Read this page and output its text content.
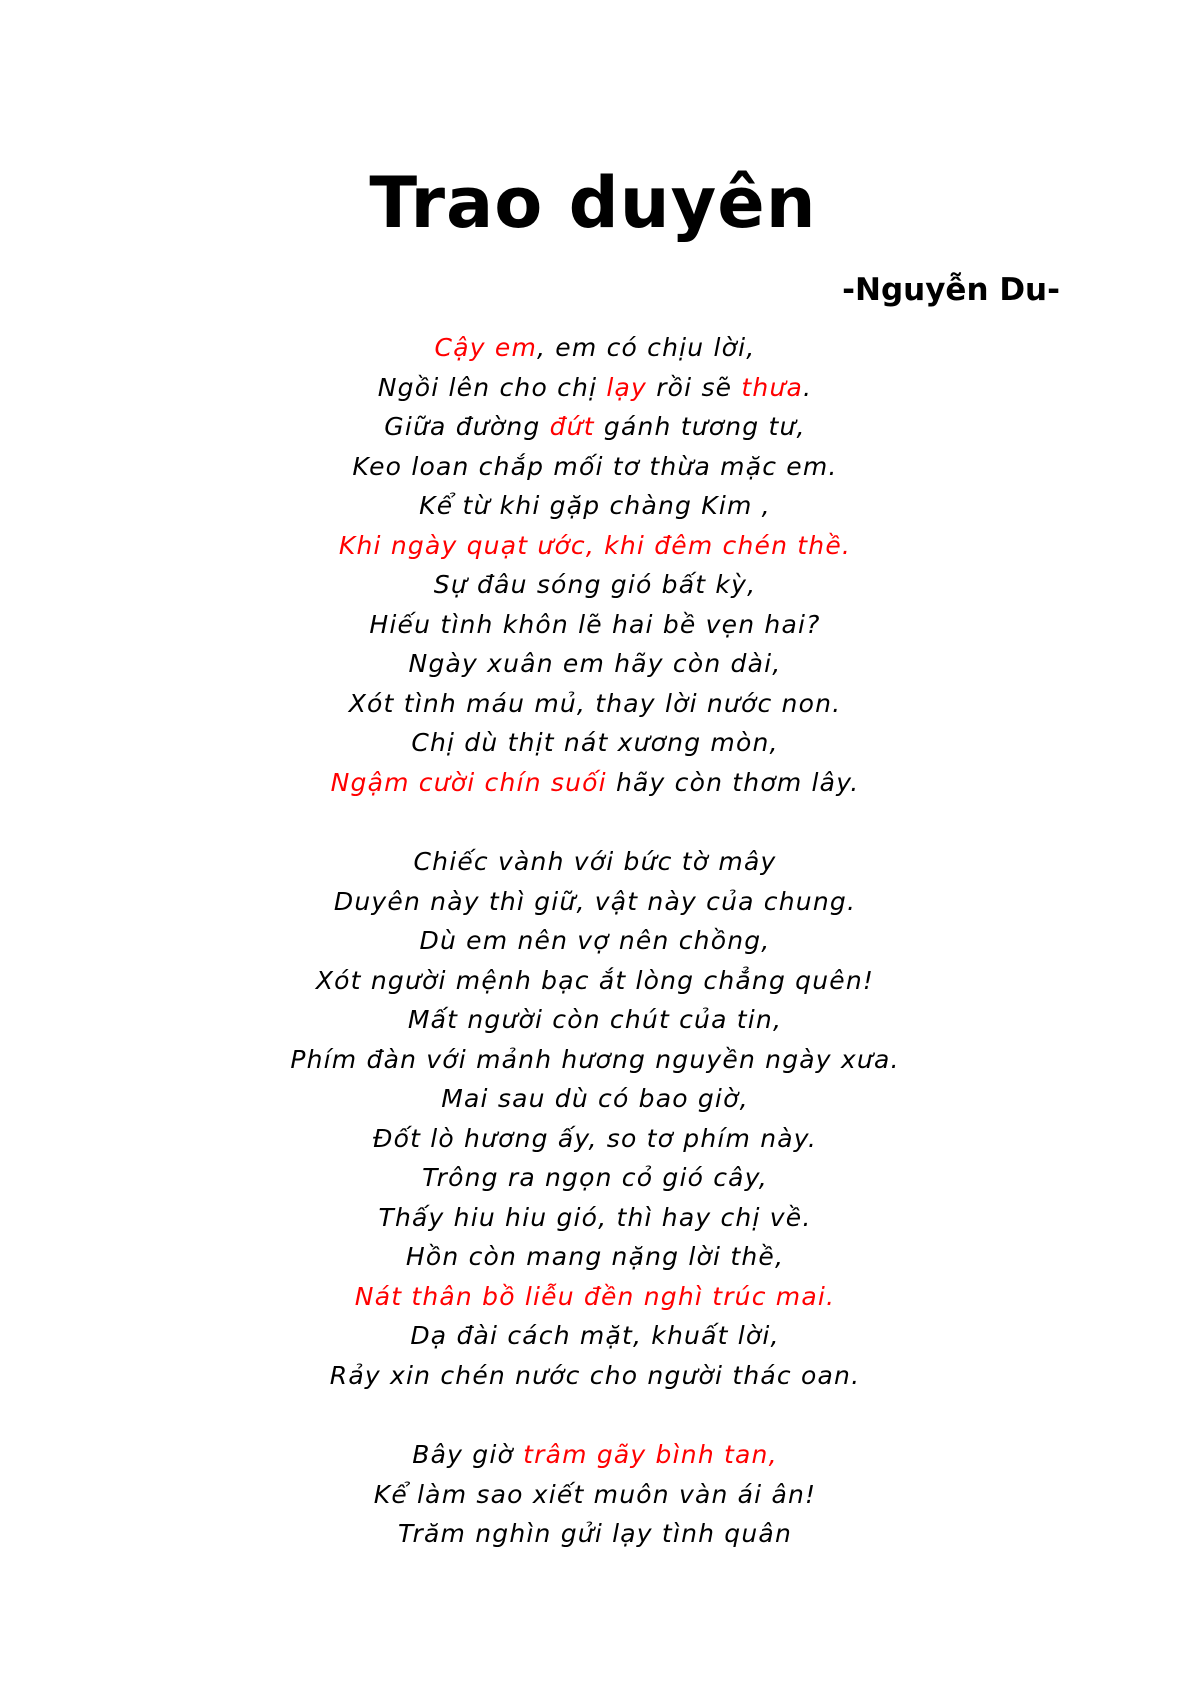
Trao duyên
-Nguyễn Du-
Cậy em, em có chịu lời,
Ngồi lên cho chị lạy rồi sẽ thưa.
Giữa đường đứt gánh tương tư,
Keo loan chắp mối tơ thừa mặc em.
Kể từ khi gặp chàng Kim ,
Khi ngày quạt ước, khi đêm chén thề.
Sự đâu sóng gió bất kỳ,
Hiếu tình khôn lẽ hai bề vẹn hai?
Ngày xuân em hãy còn dài,
Xót tình máu mủ, thay lời nước non.
Chị dù thịt nát xương mòn,
Ngậm cười chín suối hãy còn thơm lây.
Chiếc vành với bức tờ mây
Duyên này thì giữ, vật này của chung.
Dù em nên vợ nên chồng,
Xót người mệnh bạc ắt lòng chẳng quên!
Mất người còn chút của tin,
Phím đàn với mảnh hương nguyền ngày xưa.
Mai sau dù có bao giờ,
Đốt lò hương ấy, so tơ phím này.
Trông ra ngọn cỏ gió cây,
Thấy hiu hiu gió, thì hay chị về.
Hồn còn mang nặng lời thề,
Nát thân bồ liễu đền nghì trúc mai.
Dạ đài cách mặt, khuất lời,
Rảy xin chén nước cho người thác oan.
Bây giờ trâm gãy bình tan,
Kể làm sao xiết muôn vàn ái ân!
Trăm nghìn gửi lạy tình quân
